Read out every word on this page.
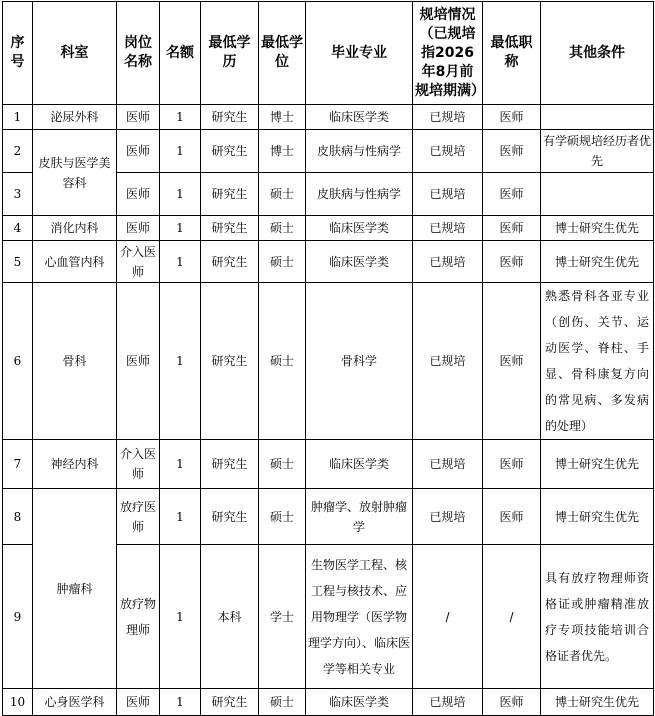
序号	科室	岗位名称	名额	最低学历	最低学位	毕业专业	规培情况（已规培指2026年8月前规培期满）	最低职称	其他条件
1	泌尿外科	医师	1	研究生	博士	临床医学类	已规培	医师	
2	皮肤与医学美容科	医师	1	研究生	博士	皮肤病与性病学	已规培	医师	有学硕规培经历者优先
3		医师	1	研究生	硕士	皮肤病与性病学	已规培	医师	
4	消化内科	医师	1	研究生	硕士	临床医学类	已规培	医师	博士研究生优先
5	心血管内科	介入医师	1	研究生	硕士	临床医学类	已规培	医师	博士研究生优先
6	骨科	医师	1	研究生	硕士	骨科学	已规培	医师	熟悉骨科各亚专业（创伤、关节、运动医学、脊柱、手显、骨科康复方向的常见病、多发病的处理）
7	神经内科	介入医师	1	研究生	硕士	临床医学类	已规培	医师	博士研究生优先
8	肿瘤科	放疗医师	1	研究生	硕士	肿瘤学、放射肿瘤学	已规培	医师	博士研究生优先
9		放疗物理师	1	本科	学士	生物医学工程、核工程与核技术、应用物理学（医学物理学方向）、临床医学等相关专业	/	/	具有放疗物理师资格证或肿瘤精准放疗专项技能培训合格证者优先。
10	心身医学科	医师	1	研究生	硕士	临床医学类	已规培	医师	博士研究生优先
